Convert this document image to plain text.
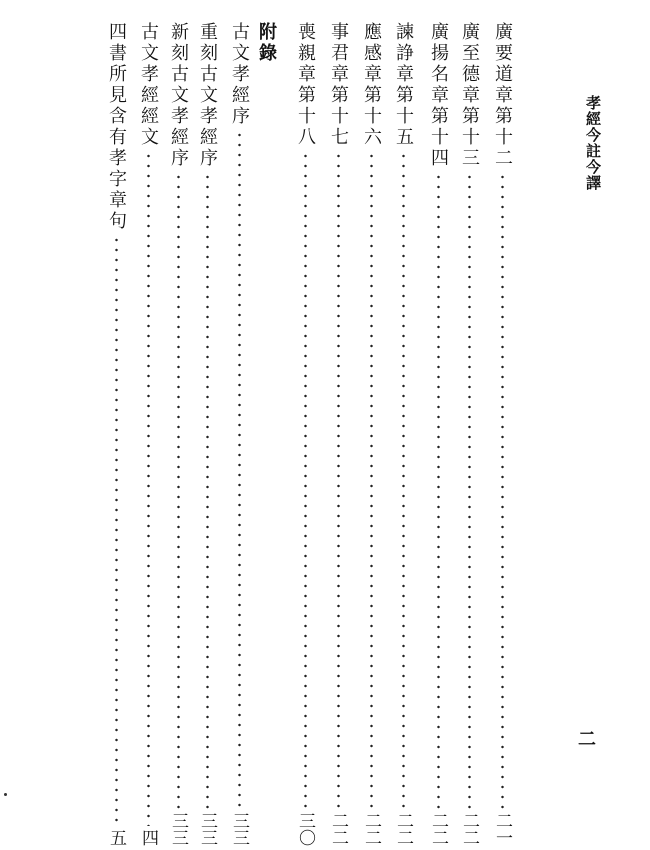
孝經今註今譯
二
廣要道章第十二
二一
廣至德章第十三
二二
廣揚名章第十四
二二
諫諍章第十五
二二
應感章第十六
二二
事君章第十七
二二
喪親章第十八
三〇
附錄
古文孝經序
三三
重刻古文孝經序
三三
新刻古文孝經序
三三
古文孝經經文
四
四書所見含有孝字章句
五
